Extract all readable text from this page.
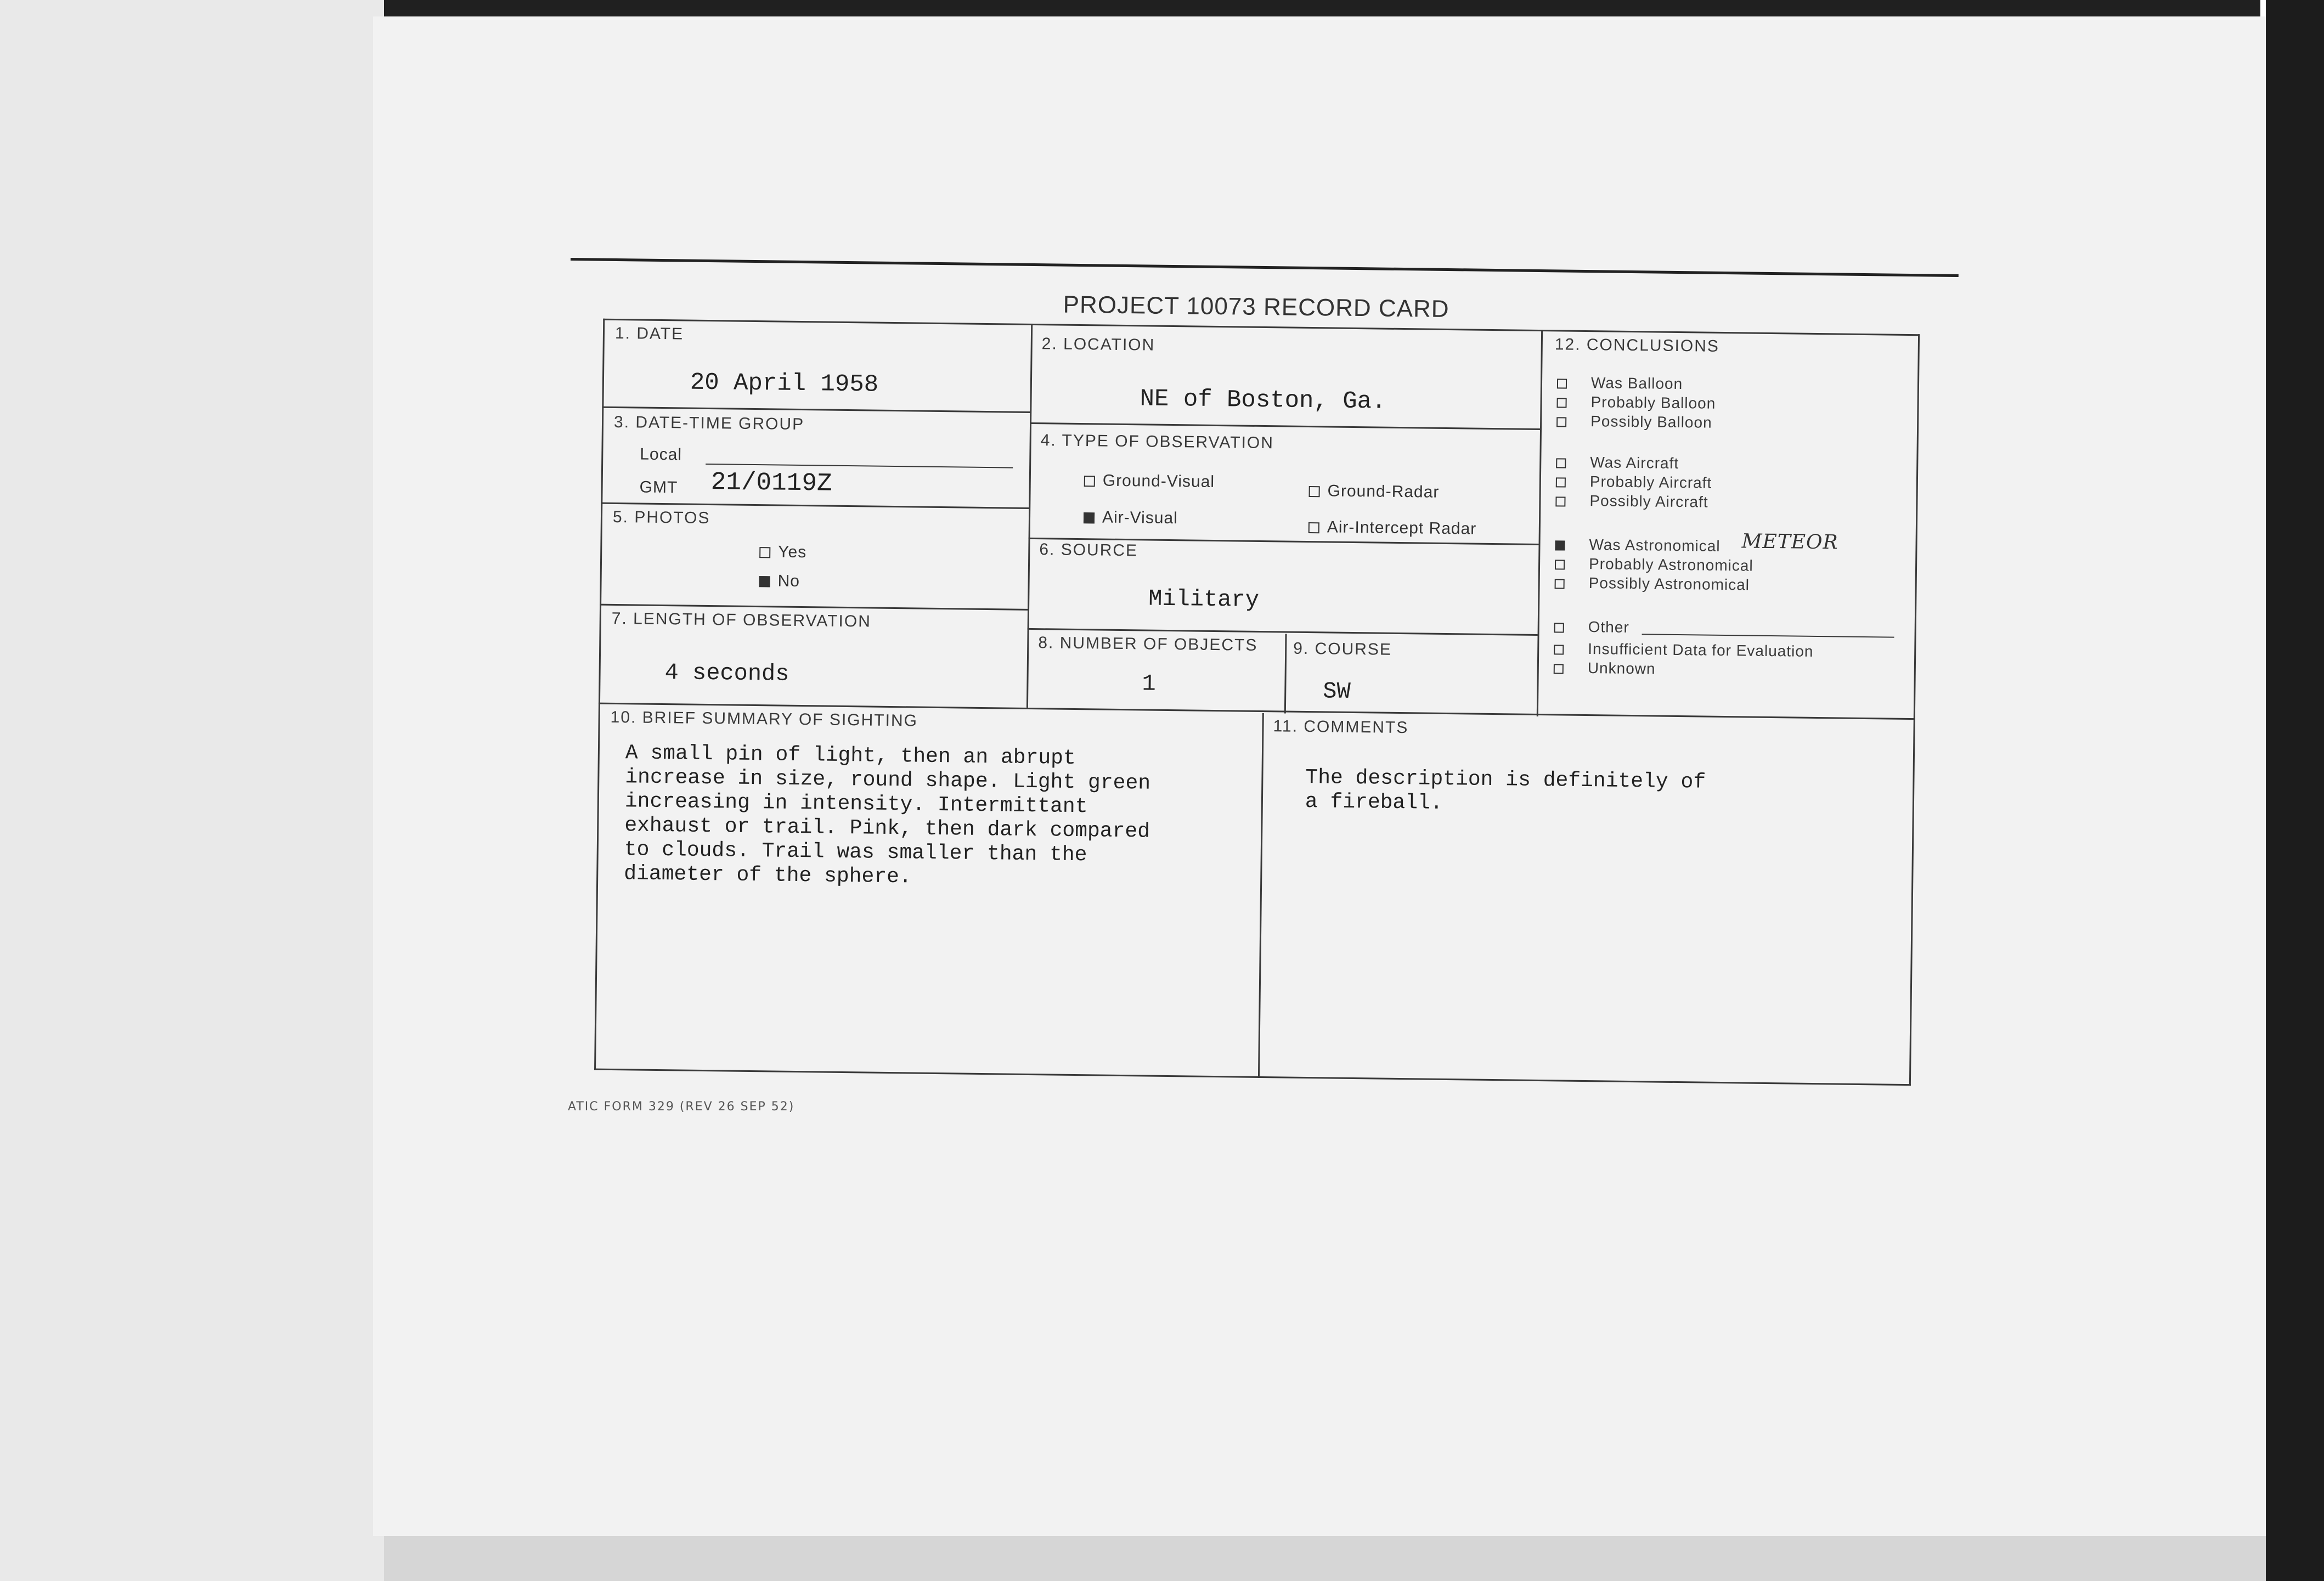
PROJECT 10073 RECORD CARD
1. DATE
20 April 1958
2. LOCATION
NE of Boston, Ga.
3. DATE-TIME GROUP
Local
GMT 21/0119Z
4. TYPE OF OBSERVATION
Ground-Visual
Ground-Radar
Air-Visual
Air-Intercept Radar
5. PHOTOS
Yes
No
6. SOURCE
Military
7. LENGTH OF OBSERVATION
4 seconds
8. NUMBER OF OBJECTS
1
9. COURSE
SW
10. BRIEF SUMMARY OF SIGHTING
A small pin of light, then an abrupt
increase in size, round shape. Light green
increasing in intensity. Intermittant
exhaust or trail. Pink, then dark compared
to clouds. Trail was smaller than the
diameter of the sphere.
11. COMMENTS
The description is definitely of
a fireball.
12. CONCLUSIONS
Was Balloon
Probably Balloon
Possibly Balloon
Was Aircraft
Probably Aircraft
Possibly Aircraft
Was Astronomical METEOR
Probably Astronomical
Possibly Astronomical
Other
Insufficient Data for Evaluation
Unknown
ATIC FORM 329 (REV 26 SEP 52)
